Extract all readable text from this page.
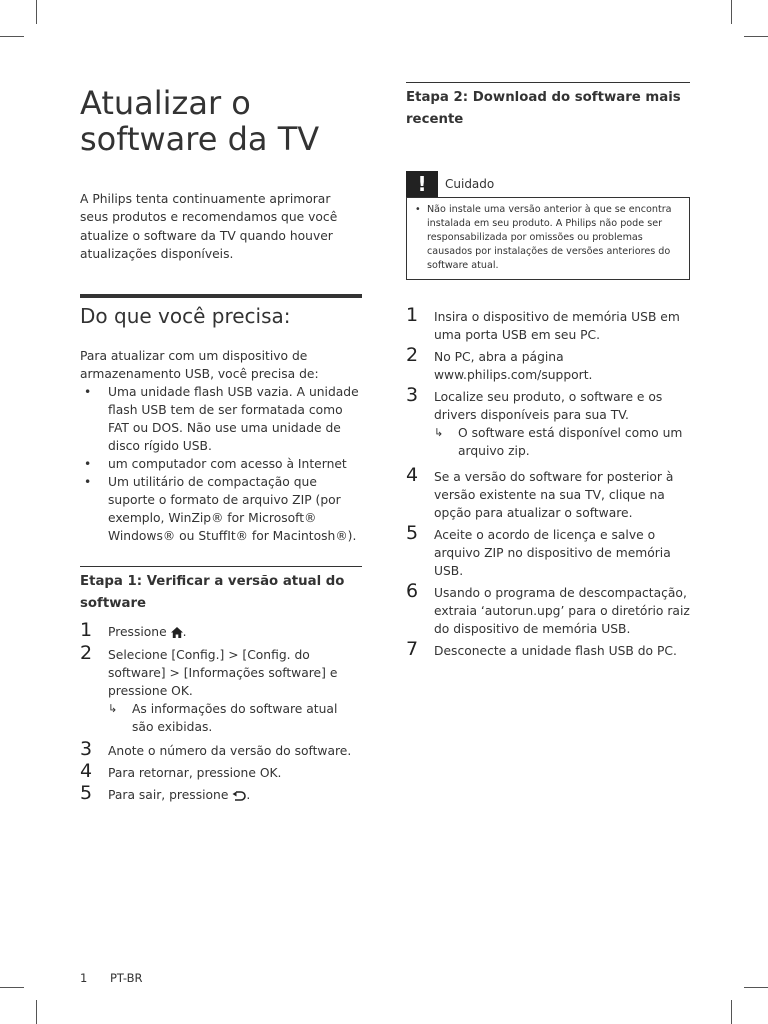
Atualizar o
software da TV
A Philips tenta continuamente aprimorar seus produtos e recomendamos que você atualize o software da TV quando houver atualizações disponíveis.
Do que você precisa:
Para atualizar com um dispositivo de armazenamento USB, você precisa de:
• Uma unidade flash USB vazia. A unidade flash USB tem de ser formatada como FAT ou DOS. Não use uma unidade de disco rígido USB.
• um computador com acesso à Internet
• Um utilitário de compactação que suporte o formato de arquivo ZIP (por exemplo, WinZip® for Microsoft® Windows® ou StuffIt® for Macintosh®).
Etapa 1: Verificar a versão atual do software
1 Pressione .
2 Selecione [Config.] > [Config. do software] > [Informações software] e pressione OK.
↳ As informações do software atual são exibidas.
3 Anote o número da versão do software.
4 Para retornar, pressione OK.
5 Para sair, pressione .
Etapa 2: Download do software mais recente
!	Cuidado
• Não instale uma versão anterior à que se encontra instalada em seu produto. A Philips não pode ser responsabilizada por omissões ou problemas causados por instalações de versões anteriores do software atual.
1 Insira o dispositivo de memória USB em uma porta USB em seu PC.
2 No PC, abra a página www.philips.com/support.
3 Localize seu produto, o software e os drivers disponíveis para sua TV.
↳ O software está disponível como um arquivo zip.
4 Se a versão do software for posterior à versão existente na sua TV, clique na opção para atualizar o software.
5 Aceite o acordo de licença e salve o arquivo ZIP no dispositivo de memória USB.
6 Usando o programa de descompactação, extraia ‘autorun.upg’ para o diretório raiz do dispositivo de memória USB.
7 Desconecte a unidade flash USB do PC.
1 PT-BR
